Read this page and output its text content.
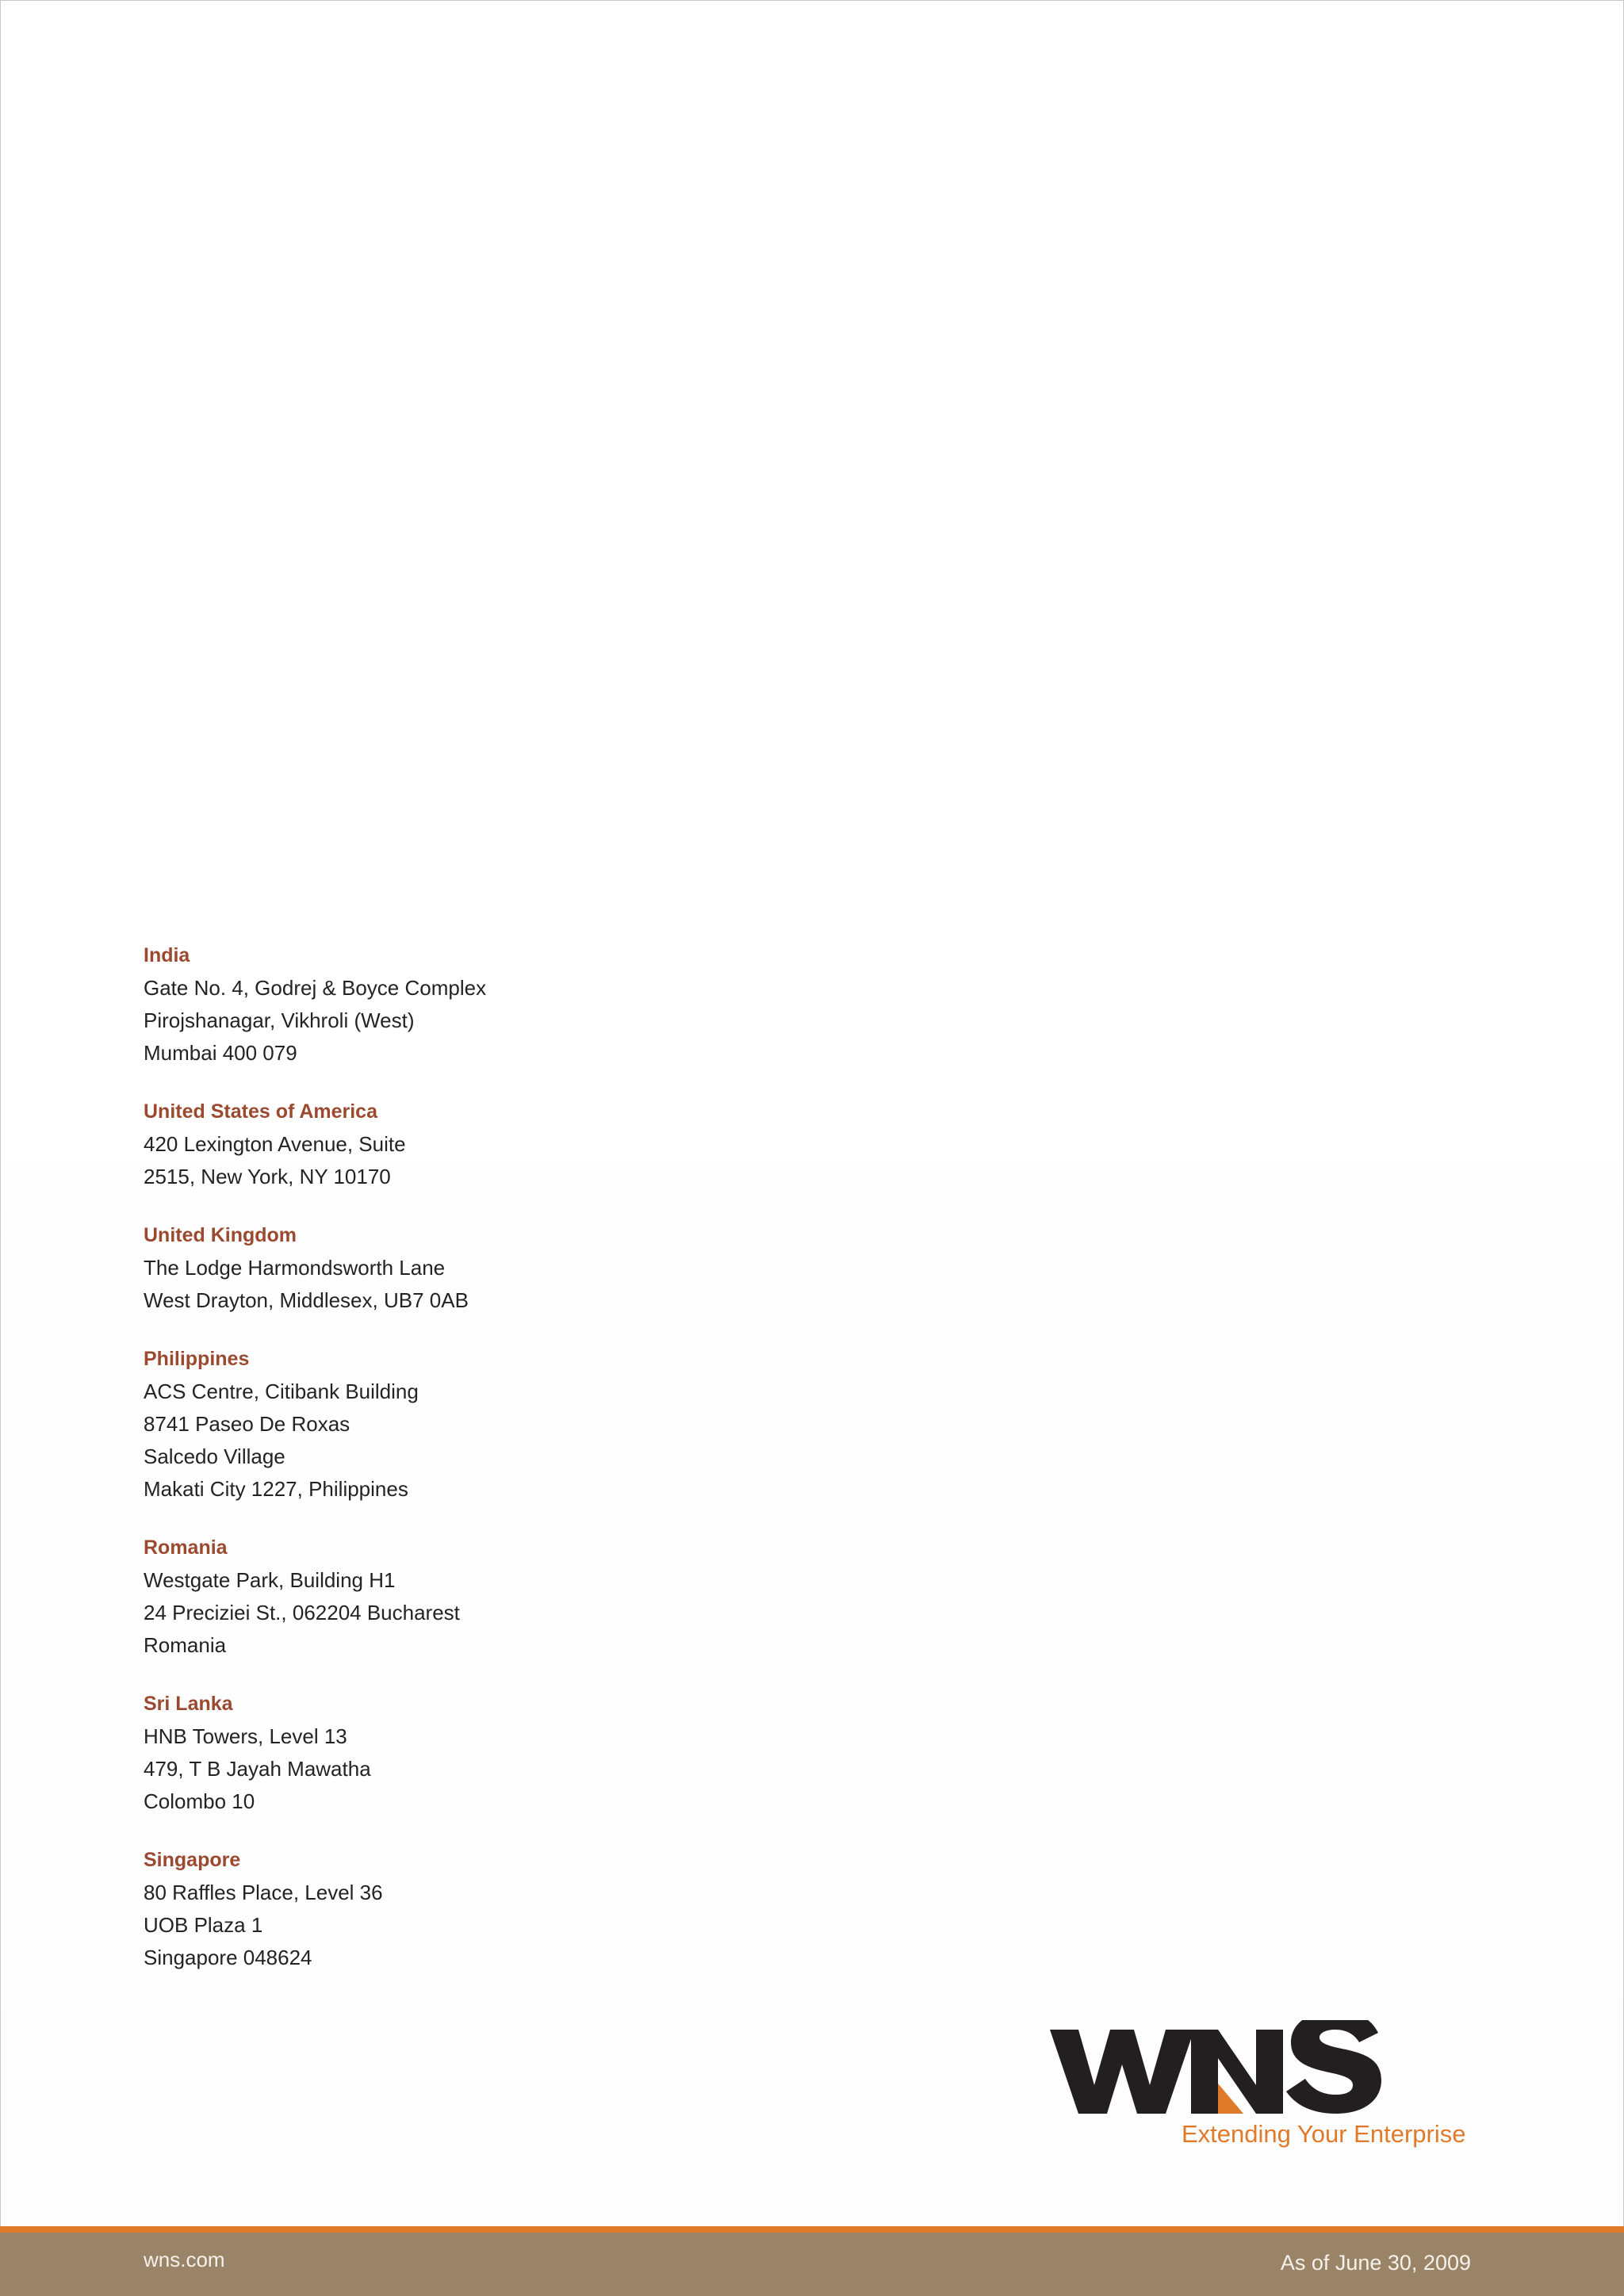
India
Gate No. 4, Godrej & Boyce Complex
Pirojshanagar, Vikhroli (West)
Mumbai 400 079
United States of America
420 Lexington Avenue, Suite
2515, New York, NY 10170
United Kingdom
The Lodge Harmondsworth Lane
West Drayton, Middlesex, UB7 0AB
Philippines
ACS Centre, Citibank Building
8741 Paseo De Roxas
Salcedo Village
Makati City 1227, Philippines
Romania
Westgate Park, Building H1
24 Preciziei St., 062204 Bucharest
Romania
Sri Lanka
HNB Towers, Level 13
479, T B Jayah Mawatha
Colombo 10
Singapore
80 Raffles Place, Level 36
UOB Plaza 1
Singapore 048624
Extending Your Enterprise
wns.com	As of June 30, 2009
